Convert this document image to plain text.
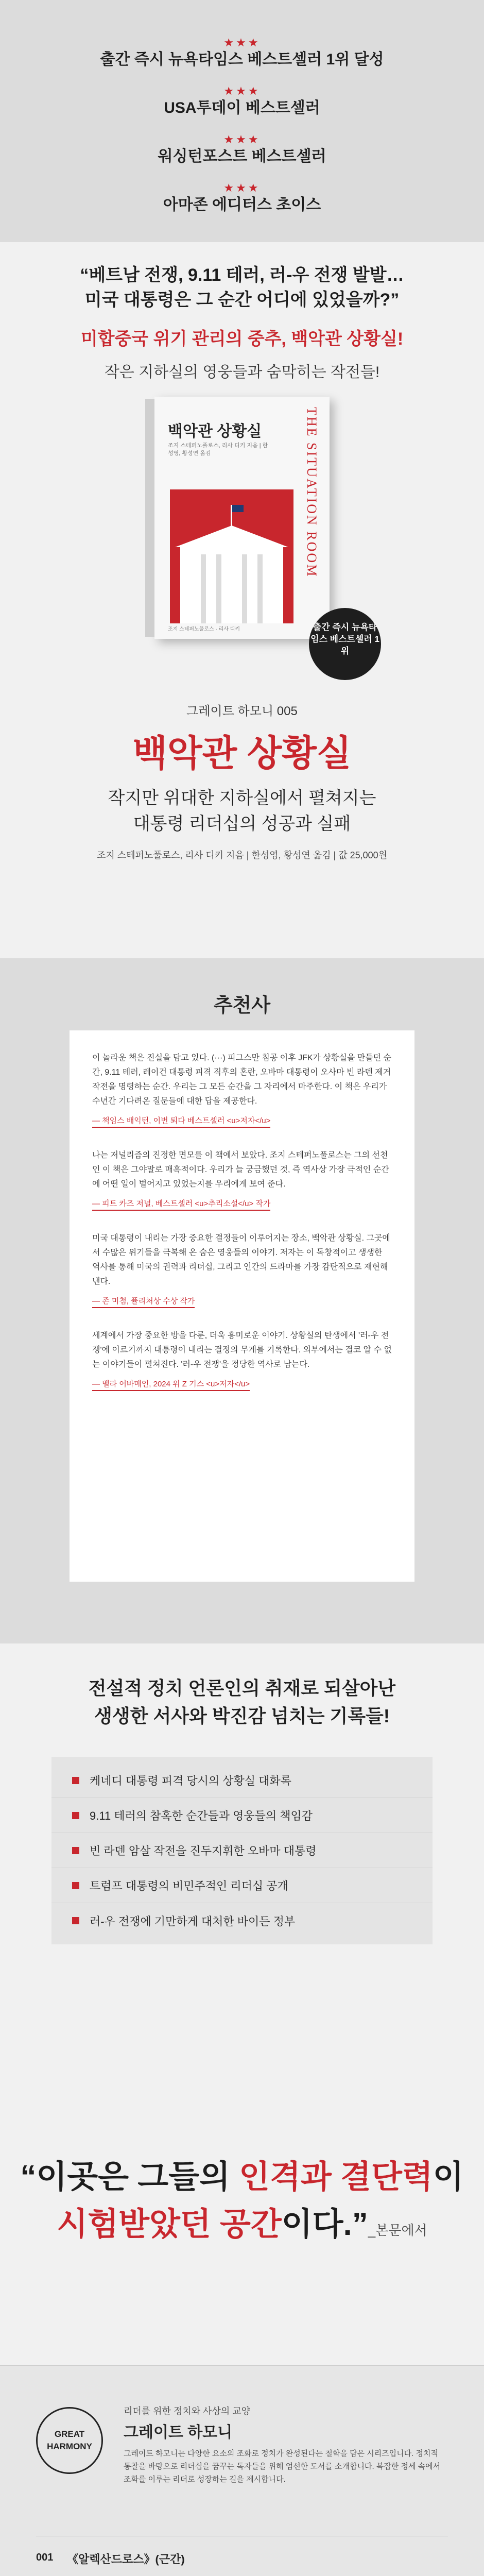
★★★
출간 즉시 뉴욕타임스 베스트셀러 1위 달성
★★★
USA투데이 베스트셀러
★★★
워싱턴포스트 베스트셀러
★★★
아마존 에디터스 초이스
“베트남 전쟁, 9.11 테러, 러-우 전쟁 발발…
미국 대통령은 그 순간 어디에 있었을까?”
미합중국 위기 관리의 중추, 백악관 상황실!
작은 지하실의 영웅들과 숨막히는 작전들!
백악관 상황실
조지 스테퍼노풀로스, 리사 디키 지음 | 한성영, 황성연 옮김	THE SITUATION ROOM
조지 스테퍼노풀로스 · 리사 디키	출간 즉시 뉴욕타임스 베스트셀러 1위
그레이트 하모니 005
백악관 상황실
작지만 위대한 지하실에서 펼쳐지는
대통령 리더십의 성공과 실패
조지 스테퍼노풀로스, 리사 디키 지음 | 한성영, 황성연 옮김 | 값 25,000원
추천사

이 놀라운 책은 진실을 담고 있다. (···) 피그스만 침공 이후 JFK가 상황실을 만들던 순간, 9.11 테러, 레이건 대통령 피격 직후의 혼란, 오바마 대통령이 오사마 빈 라덴 제거 작전을 명령하는 순간. 우리는 그 모든 순간을 그 자리에서 마주한다. 이 책은 우리가 수년간 기다려온 질문들에 대한 답을 제공한다.

— 책임스 배익턴, 이번 퇴다 베스트셀러 <u>저자</u>

나는 저널리즘의 진정한 면모를 이 책에서 보았다. 조지 스테퍼노풀로스는 그의 선천인 이 책은 그야말로 매혹적이다. 우리가 늘 궁금했던 것, 즉 역사상 가장 극적인 순간에 어떤 일이 벌어지고 있었는지를 우리에게 보여 준다.

— 피트 카즈 저널, 베스트셀러 <u>추리소설</u> 작가

미국 대통령이 내리는 가장 중요한 결정들이 이루어지는 장소, 백악관 상황실. 그곳에서 수많은 위기들을 극복해 온 숨은 영웅들의 이야기. 저자는 이 독창적이고 생생한 역사를 통해 미국의 권력과 리더십, 그리고 인간의 드라마를 가장 감탄적으로 재현해낸다.

— 존 미첨, 퓰리처상 수상 작가

세계에서 가장 중요한 방을 다룬, 더욱 흥미로운 이야기. 상황실의 탄생에서 '러-우 전쟁'에 이르기까지 대통령이 내리는 결정의 무게를 기록한다. 외부에서는 결코 알 수 없는 이야기들이 펼쳐진다. '러-우 전쟁'을 정당한 역사로 남는다.

— 벨라 어바메인, 2024 위 Z 기스 <u>저자</u>
전설적 정치 언론인의 취재로 되살아난
생생한 서사와 박진감 넘치는 기록들!
케네디 대통령 피격 당시의 상황실 대화록
9.11 테러의 참혹한 순간들과 영웅들의 책임감
빈 라덴 암살 작전을 진두지휘한 오바마 대통령
트럼프 대통령의 비민주적인 리더십 공개
러-우 전쟁에 기만하게 대처한 바이든 정부
“이곳은 그들의 인격과 결단력이
시험받았던 공간이다.”_본문에서
GREAT HARMONY
리더를 위한 정치와 사상의 교양
그레이트 하모니

그레이트 하모니는 다양한 요소의 조화로 정치가 완성된다는 철학을 담은 시리즈입니다. 정치적 통찰을 바탕으로 리더십을 꿈꾸는 독자들을 위해 엄선한 도서를 소개합니다. 복잡한 정세 속에서 조화를 이루는 리더로 성장하는 길을 제시합니다.

001 《알렉산드로스》(근간)
